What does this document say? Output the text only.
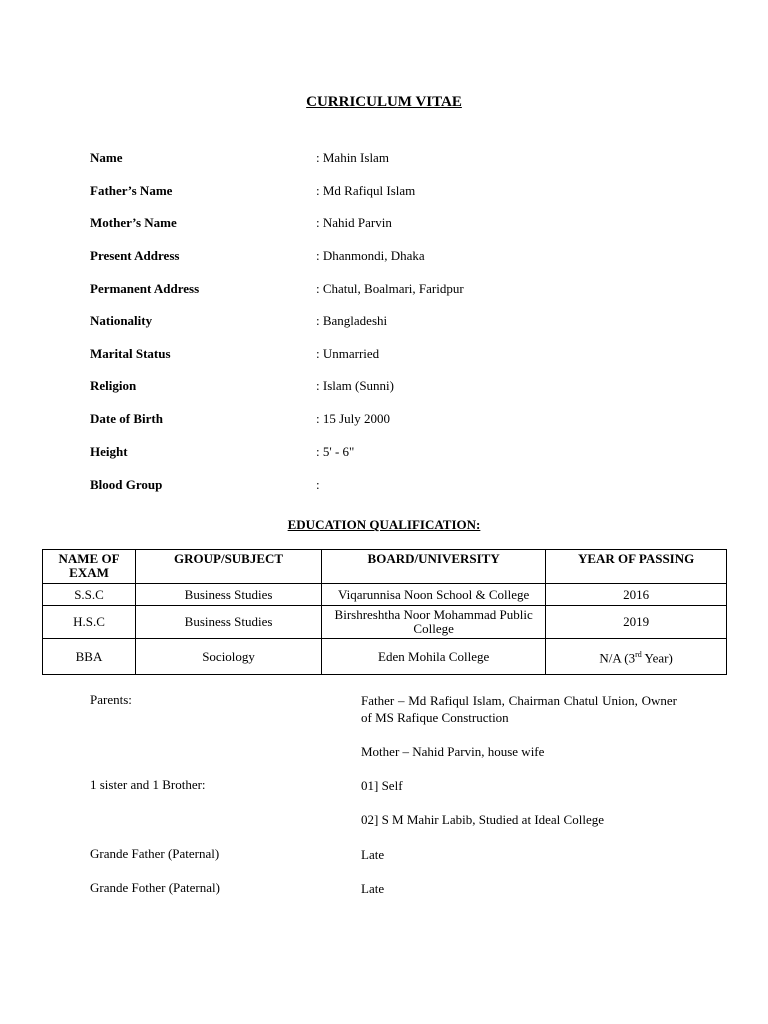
CURRICULUM VITAE
Name	: Mahin Islam
Father’s Name	: Md Rafiqul Islam
Mother’s Name	: Nahid Parvin
Present Address	: Dhanmondi, Dhaka
Permanent Address	: Chatul, Boalmari, Faridpur
Nationality	: Bangladeshi
Marital Status	: Unmarried
Religion	: Islam (Sunni)
Date of Birth	: 15 July 2000
Height	: 5' - 6"
Blood Group	:
EDUCATION QUALIFICATION:
NAME OF EXAM	GROUP/SUBJECT	BOARD/UNIVERSITY	YEAR OF PASSING
S.S.C	Business Studies	Viqarunnisa Noon School & College	2016
H.S.C	Business Studies	Birshreshtha Noor Mohammad Public College	2019
BBA	Sociology	Eden Mohila College	N/A (3rd Year)
Parents:	Father – Md Rafiqul Islam, Chairman Chatul Union, Owner of MS Rafique Construction
Mother – Nahid Parvin, house wife
1 sister and 1 Brother:	01] Self
02] S M Mahir Labib, Studied at Ideal College
Grande Father (Paternal)	Late
Grande Fother (Paternal)	Late
